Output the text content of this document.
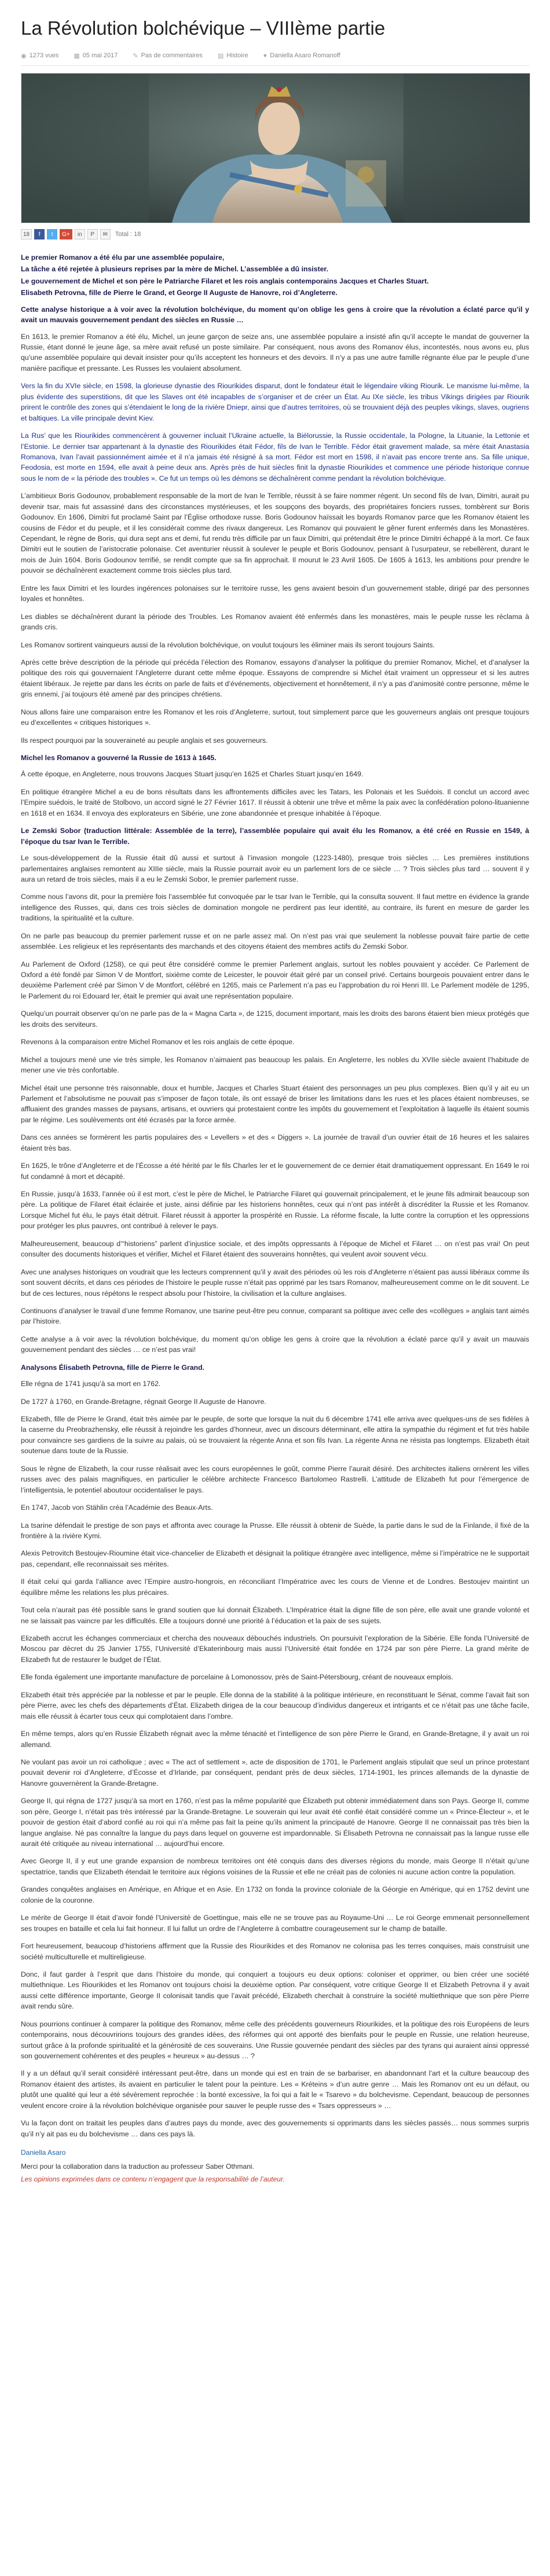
La Révolution bolchévique – VIIIème partie
◉ 1273 vues ▦ 05 mai 2017 ✎ Pas de commentaires ▤ Histoire ● Daniella Asaro Romanoff
18	f	t	G+	in	P	✉	Total : 18

Le premier Romanov a été élu par une assemblée populaire,

La tâche a été rejetée à plusieurs reprises par la mère de Michel. L’assemblée a dû insister.

Le gouvernement de Michel et son père le Patriarche Filaret et les rois anglais contemporains Jacques et Charles Stuart.

Elisabeth Petrovna, fille de Pierre le Grand, et George II Auguste de Hanovre, roi d’Angleterre.

Cette analyse historique a à voir avec la révolution bolchévique, du moment qu’on oblige les gens à croire que la révolution a éclaté parce qu’il y avait un mauvais gouvernement pendant des siècles en Russie …

En 1613, le premier Romanov a été élu, Michel, un jeune garçon de seize ans, une assemblée populaire a insisté afin qu’il accepte le mandat de gouverner la Russie, étant donné le jeune âge, sa mère avait refusé un poste similaire. Par conséquent, nous avons des Romanov élus, incontestés, nous avons eu, plus qu’une assemblée populaire qui devait insister pour qu’ils acceptent les honneurs et des devoirs. Il n’y a pas une autre famille régnante élue par le peuple d’une manière pacifique et pressante. Les Russes les voulaient absolument.

Vers la fin du XVIe siècle, en 1598, la glorieuse dynastie des Riourikides disparut, dont le fondateur était le légendaire viking Riourik. Le marxisme lui-même, la plus évidente des superstitions, dit que les Slaves ont été incapables de s’organiser et de créer un État. Au IXe siècle, les tribus Vikings dirigées par Riourik prirent le contrôle des zones qui s’étendaient le long de la rivière Dniepr, ainsi que d’autres territoires, où se trouvaient déjà des peuples vikings, slaves, ougriens et baltiques. La ville principale devint Kiev.

La Rus’ que les Riourikides commencèrent à gouverner incluait l’Ukraine actuelle, la Biélorussie, la Russie occidentale, la Pologne, la Lituanie, la Lettonie et l’Estonie. Le dernier tsar appartenant à la dynastie des Riourikides était Fédor, fils de Ivan le Terrible. Fédor était gravement malade, sa mère était Anastasia Romanova, Ivan l’avait passionnément aimée et il n’a jamais été résigné à sa mort. Fédor est mort en 1598, il n’avait pas encore trente ans. Sa fille unique, Feodosia, est morte en 1594, elle avait à peine deux ans. Après près de huit siècles finit la dynastie Riourikides et commence une période historique connue sous le nom de « la période des troubles ». Ce fut un temps où les démons se déchaînèrent comme pendant la révolution bolchévique.

L’ambitieux Boris Godounov, probablement responsable de la mort de Ivan le Terrible, réussit à se faire nommer régent. Un second fils de Ivan, Dimitri, aurait pu devenir tsar, mais fut assassiné dans des circonstances mystérieuses, et les soupçons des boyards, des propriétaires fonciers russes, tombèrent sur Boris Godounov. En 1606, Dimitri fut proclamé Saint par l’Église orthodoxe russe. Boris Godounov haïssait les boyards Romanov parce que les Romanov étaient les cousins de Fédor et du peuple, et il les considérait comme des rivaux dangereux. Les Romanov qui pouvaient le gêner furent enfermés dans les Monastères. Cependant, le règne de Boris, qui dura sept ans et demi, fut rendu très difficile par un faux Dimitri, qui prétendait être le prince Dimitri échappé à la mort. Ce faux Dimitri eut le soutien de l’aristocratie polonaise. Cet aventurier réussit à soulever le peuple et Boris Godounov, pensant à l’usurpateur, se rebellèrent, durant le mois de Juin 1604. Boris Godounov terrifié, se rendit compte que sa fin approchait. Il mourut le 23 Avril 1605. De 1605 à 1613, les ambitions pour prendre le pouvoir se déchaînèrent exactement comme trois siècles plus tard.

Entre les faux Dimitri et les lourdes ingérences polonaises sur le territoire russe, les gens avaient besoin d’un gouvernement stable, dirigé par des personnes loyales et honnêtes.

Les diables se déchaînèrent durant la période des Troubles. Les Romanov avaient été enfermés dans les monastères, mais le peuple russe les réclama à grands cris.

Les Romanov sortirent vainqueurs aussi de la révolution bolchévique, on voulut toujours les éliminer mais ils seront toujours Saints.

Après cette brève description de la période qui précéda l’élection des Romanov, essayons d’analyser la politique du premier Romanov, Michel, et d’analyser la politique des rois qui gouvernaient l’Angleterre durant cette même époque. Essayons de comprendre si Michel était vraiment un oppresseur et si les autres étaient libéraux. Je rejette par dans les écrits on parle de faits et d’événements, objectivement et honnêtement, il n’y a pas d’animosité contre personne, même le gris ennemi, j’ai toujours été amené par des principes chrétiens.

Nous allons faire une comparaison entre les Romanov et les rois d’Angleterre, surtout, tout simplement parce que les gouverneurs anglais ont presque toujours eu d’excellentes « critiques historiques ».

Ils respect pourquoi par la souveraineté au peuple anglais et ses gouverneurs.

Michel les Romanov a gouverné la Russie de 1613 à 1645.

À cette époque, en Angleterre, nous trouvons Jacques Stuart jusqu’en 1625 et Charles Stuart jusqu’en 1649.

En politique étrangère Michel a eu de bons résultats dans les affrontements difficiles avec les Tatars, les Polonais et les Suédois. Il conclut un accord avec l’Empire suédois, le traité de Stolbovo, un accord signé le 27 Février 1617. Il réussit à obtenir une trêve et même la paix avec la confédération polono-lituanienne en 1618 et en 1634. Il envoya des explorateurs en Sibérie, une zone abandonnée et presque inhabitée à l’époque.

Le Zemski Sobor (traduction littérale: Assemblée de la terre), l’assemblée populaire qui avait élu les Romanov, a été créé en Russie en 1549, à l’époque du tsar Ivan le Terrible.

Le sous-développement de la Russie était dû aussi et surtout à l’invasion mongole (1223-1480), presque trois siècles … Les premières institutions parlementaires anglaises remontent au XIIIe siècle, mais la Russie pourrait avoir eu un parlement lors de ce siècle … ? Trois siècles plus tard … souvent il y aura un retard de trois siècles, mais il a eu le Zemski Sobor, le premier parlement russe.

Comme nous l’avons dit, pour la première fois l’assemblée fut convoquée par le tsar Ivan le Terrible, qui la consulta souvent. Il faut mettre en évidence la grande intelligence des Russes, qui, dans ces trois siècles de domination mongole ne perdirent pas leur identité, au contraire, ils furent en mesure de garder les traditions, la spiritualité et la culture.

On ne parle pas beaucoup du premier parlement russe et on ne parle assez mal. On n’est pas vrai que seulement la noblesse pouvait faire partie de cette assemblée. Les religieux et les représentants des marchands et des citoyens étaient des membres actifs du Zemski Sobor.

Au Parlement de Oxford (1258), ce qui peut être considéré comme le premier Parlement anglais, surtout les nobles pouvaient y accéder. Ce Parlement de Oxford a été fondé par Simon V de Montfort, sixième comte de Leicester, le pouvoir était géré par un conseil privé. Certains bourgeois pouvaient entrer dans le deuxième Parlement créé par Simon V de Montfort, célébré en 1265, mais ce Parlement n’a pas eu l’approbation du roi Henri III. Le Parlement modèle de 1295, le Parlement du roi Edouard Ier, était le premier qui avait une représentation populaire.

Quelqu’un pourrait observer qu’on ne parle pas de la « Magna Carta », de 1215, document important, mais les droits des barons étaient bien mieux protégés que les droits des serviteurs.

Revenons à la comparaison entre Michel Romanov et les rois anglais de cette époque.

Michel a toujours mené une vie très simple, les Romanov n’aimaient pas beaucoup les palais. En Angleterre, les nobles du XVIIe siècle avaient l’habitude de mener une vie très confortable.

Michel était une personne très raisonnable, doux et humble, Jacques et Charles Stuart étaient des personnages un peu plus complexes. Bien qu’il y ait eu un Parlement et l’absolutisme ne pouvait pas s’imposer de façon totale, ils ont essayé de briser les limitations dans les rues et les places étaient nombreuses, se affluaient des grandes masses de paysans, artisans, et ouvriers qui protestaient contre les impôts du gouvernement et l’exploitation à laquelle ils étaient soumis par le régime. Les soulèvements ont été écrasés par la force armée.

Dans ces années se formèrent les partis populaires des « Levellers » et des « Diggers ». La journée de travail d’un ouvrier était de 16 heures et les salaires étaient très bas.

En 1625, le trône d’Angleterre et de l’Écosse a été hérité par le fils Charles Ier et le gouvernement de ce dernier était dramatiquement oppressant. En 1649 le roi fut condamné à mort et décapité.

En Russie, jusqu’à 1633, l’année où il est mort, c’est le père de Michel, le Patriarche Filaret qui gouvernait principalement, et le jeune fils admirait beaucoup son père. La politique de Filaret était éclairée et juste, ainsi définie par les historiens honnêtes, ceux qui n’ont pas intérêt à discréditer la Russie et les Romanov. Lorsque Michel fut élu, le pays était détruit. Filaret réussit à apporter la prospérité en Russie. La réforme fiscale, la lutte contre la corruption et les oppressions pour protéger les plus pauvres, ont contribué à relever le pays.

Malheureusement, beaucoup d’“historiens” parlent d’injustice sociale, et des impôts oppressants à l’époque de Michel et Filaret … on n’est pas vrai! On peut consulter des documents historiques et vérifier, Michel et Filaret étaient des souverains honnêtes, qui veulent avoir souvent vécu.

Avec une analyses historiques on voudrait que les lecteurs comprennent qu’il y avait des périodes où les rois d’Angleterre n’étaient pas aussi libéraux comme ils sont souvent décrits, et dans ces périodes de l’histoire le peuple russe n’était pas opprimé par les tsars Romanov, malheureusement comme on le dit souvent. Le but de ces lectures, nous répétons le respect absolu pour l’histoire, la civilisation et la culture anglaises.

Continuons d’analyser le travail d’une femme Romanov, une tsarine peut-être peu connue, comparant sa politique avec celle des «collègues » anglais tant aimés par l’histoire.

Cette analyse a à voir avec la révolution bolchévique, du moment qu’on oblige les gens à croire que la révolution a éclaté parce qu’il y avait un mauvais gouvernement pendant des siècles … ce n’est pas vrai!

Analysons Élisabeth Petrovna, fille de Pierre le Grand.

Elle régna de 1741 jusqu’à sa mort en 1762.

De 1727 à 1760, en Grande-Bretagne, régnait George II Auguste de Hanovre.

Elizabeth, fille de Pierre le Grand, était très aimée par le peuple, de sorte que lorsque la nuit du 6 décembre 1741 elle arriva avec quelques-uns de ses fidèles à la caserne du Preobrazhensky, elle réussit à rejoindre les gardes d’honneur, avec un discours déterminant, elle attira la sympathie du régiment et fut très habile pour convaincre ses gardiens de la suivre au palais, où se trouvaient la régente Anna et son fils Ivan. La régente Anna ne résista pas longtemps. Elizabeth était soutenue dans toute de la Russie.

Sous le règne de Elizabeth, la cour russe réalisait avec les cours européennes le goût, comme Pierre l’aurait désiré. Des architectes italiens ornèrent les villes russes avec des palais magnifiques, en particulier le célèbre architecte Francesco Bartolomeo Rastrelli. L’attitude de Elizabeth fut pour l’émergence de l’intelligentsia, le potentiel aboutour occidentaliser le pays.

En 1747, Jacob von Stählin créa l’Académie des Beaux-Arts.

La tsarine défendait le prestige de son pays et affronta avec courage la Prusse. Elle réussit à obtenir de Suède, la partie dans le sud de la Finlande, il fixé de la frontière à la rivière Kymi.

Alexis Petrovitch Bestoujev-Rioumine était vice-chancelier de Elizabeth et désignait la politique étrangère avec intelligence, même si l’impératrice ne le supportait pas, cependant, elle reconnaissait ses mérites.

Il était celui qui garda l’alliance avec l’Empire austro-hongrois, en réconciliant l’Impératrice avec les cours de Vienne et de Londres. Bestoujev maintint un équilibre même les relations les plus précaires.

Tout cela n’aurait pas été possible sans le grand soutien que lui donnait Élizabeth. L’Impératrice était la digne fille de son père, elle avait une grande volonté et ne se laissait pas vaincre par les difficultés. Elle a toujours donné une priorité à l’éducation et la paix de ses sujets.

Elizabeth accrut les échanges commerciaux et chercha des nouveaux débouchés industriels. On poursuivit l’exploration de la Sibérie. Elle fonda l’Université de Moscou par décret du 25 Janvier 1755, l’Université d’Ekaterinbourg mais aussi l’Université était fondée en 1724 par son père Pierre. La grand mérite de Elizabeth fut de restaurer le budget de l’État.

Elle fonda également une importante manufacture de porcelaine à Lomonossov, près de Saint-Pétersbourg, créant de nouveaux emplois.

Elizabeth était très appréciée par la noblesse et par le peuple. Elle donna de la stabilité à la politique intérieure, en reconstituant le Sénat, comme l’avait fait son père Pierre, avec les chefs des départements d’État. Elizabeth dirigea de la cour beaucoup d’individus dangereux et intrigants et ce n’était pas une tâche facile, mais elle réussit à écarter tous ceux qui complotaient dans l’ombre.

En même temps, alors qu’en Russie Élizabeth régnait avec la même ténacité et l’intelligence de son père Pierre le Grand, en Grande-Bretagne, il y avait un roi allemand.

Ne voulant pas avoir un roi catholique ; avec « The act of settlement », acte de disposition de 1701, le Parlement anglais stipulait que seul un prince protestant pouvait devenir roi d’Angleterre, d’Écosse et d’Irlande, par conséquent, pendant près de deux siècles, 1714-1901, les princes allemands de la dynastie de Hanovre gouvernèrent la Grande-Bretagne.

George II, qui régna de 1727 jusqu’à sa mort en 1760, n’est pas la même popularité que Élizabeth put obtenir immédiatement dans son Pays. George II, comme son père, George I, n’était pas très intéressé par la Grande-Bretagne. Le souverain qui leur avait été confié était considéré comme un « Prince-Électeur », et le pouvoir de gestion était d’abord confié au roi qui n’a même pas fait la peine qu’ils animent la principauté de Hanovre. George II ne connaissait pas très bien la langue anglaise. Né pas connaître la langue du pays dans lequel on gouverne est impardonnable. Si Élisabeth Petrovna ne connaissait pas la langue russe elle aurait été critiquée au niveau international … aujourd’hui encore.

Avec George II, il y eut une grande expansion de nombreux territoires ont été conquis dans des diverses régions du monde, mais George II n’était qu’une spectatrice, tandis que Elizabeth étendait le territoire aux régions voisines de la Russie et elle ne créait pas de colonies ni aucune action contre la population.

Grandes conquêtes anglaises en Amérique, en Afrique et en Asie. En 1732 on fonda la province coloniale de la Géorgie en Amérique, qui en 1752 devint une colonie de la couronne.

Le mérite de George II était d’avoir fondé l’Université de Goettingue, mais elle ne se trouve pas au Royaume-Uni … Le roi George emmenait personnellement ses troupes en bataille et cela lui fait honneur. Il lui fallut un ordre de l’Angleterre à combattre courageusement sur le champ de bataille.

Fort heureusement, beaucoup d’historiens affirment que la Russie des Riourikides et des Romanov ne colonisa pas les terres conquises, mais construisit une société multiculturelle et multireligieuse.

Donc, il faut garder à l’esprit que dans l’histoire du monde, qui conquiert a toujours eu deux options: coloniser et opprimer, ou bien créer une société multiethnique. Les Riourikides et les Romanov ont toujours choisi la deuxième option. Par conséquent, votre critique George II et Elizabeth Petrovna il y avait aussi cette différence importante, George II colonisait tandis que l’avait précédé, Elizabeth cherchait à construire la société multiethnique que son père Pierre avait rendu sûre.

Nous pourrions continuer à comparer la politique des Romanov, même celle des précédents gouverneurs Riourikides, et la politique des rois Européens de leurs contemporains, nous découvririons toujours des grandes idées, des réformes qui ont apporté des bienfaits pour le peuple en Russie, une relation heureuse, surtout grâce à la profonde spiritualité et la générosité de ces souverains. Une Russie gouvernée pendant des siècles par des tyrans qui auraient ainsi oppressé son gouvernement cohérentes et des peuples « heureux » au-dessus … ?

Il y a un défaut qu’il serait considéré intéressant peut-être, dans un monde qui est en train de se barbariser, en abandonnant l’art et la culture beaucoup des Romanov étaient des artistes, ils avaient en particulier le talent pour la peinture. Les « Kréteins » d’un autre genre … Mais les Romanov ont eu un défaut, ou plutôt une qualité qui leur a été sévèrement reprochée : la bonté excessive, la foi qui a fait le « Tsarevo » du bolchevisme. Cependant, beaucoup de personnes veulent encore croire à la révolution bolchévique organisée pour sauver le peuple russe des « Tsars oppresseurs » …

Vu la façon dont on traitait les peuples dans d’autres pays du monde, avec des gouvernements si opprimants dans les siècles passés… nous sommes surpris qu’il n’y ait pas eu du bolchevisme … dans ces pays là.

Daniella Asaro

Merci pour la collaboration dans la traduction au professeur Saber Othmani.

Les opinions exprimées dans ce contenu n’engagent que la responsabilité de l’auteur.
